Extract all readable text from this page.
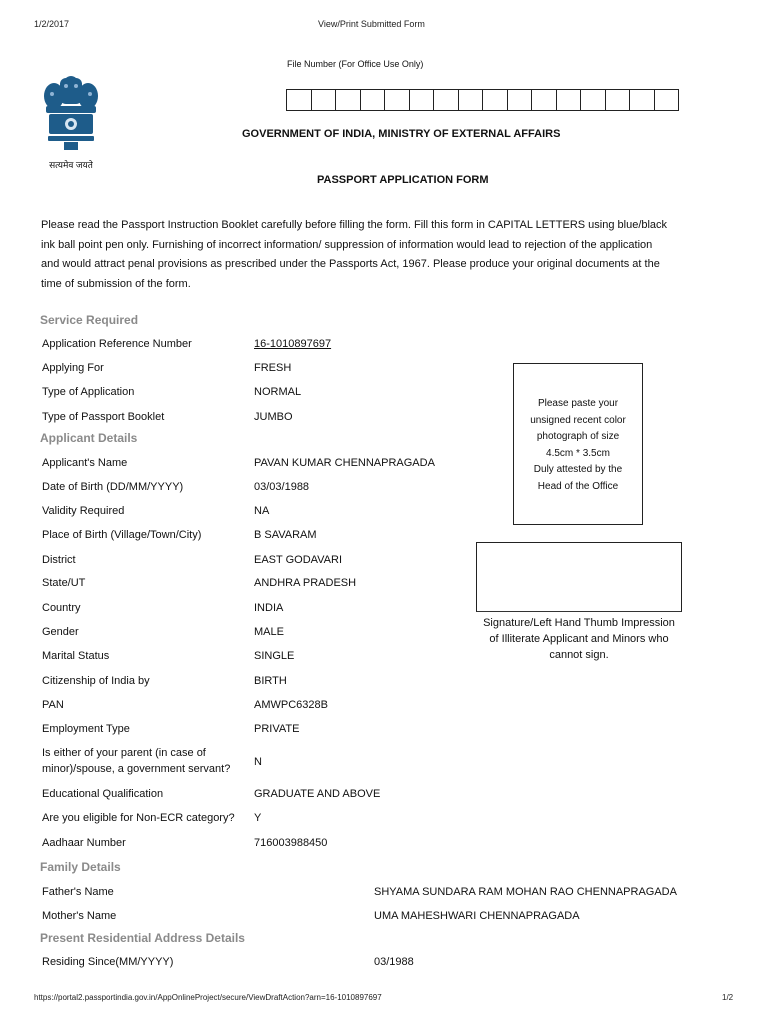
1/2/2017	View/Print Submitted Form
सत्यमेव जयते
File Number (For Office Use Only)
GOVERNMENT OF INDIA, MINISTRY OF EXTERNAL AFFAIRS
PASSPORT APPLICATION FORM
Please read the Passport Instruction Booklet carefully before filling the form. Fill this form in CAPITAL LETTERS using blue/black ink ball point pen only. Furnishing of incorrect information/ suppression of information would lead to rejection of the application and would attract penal provisions as prescribed under the Passports Act, 1967. Please produce your original documents at the time of submission of the form.
Service Required
Application Reference Number	16-1010897697
Applying For	FRESH
Type of Application	NORMAL
Type of Passport Booklet	JUMBO
Applicant Details
Applicant's Name	PAVAN KUMAR CHENNAPRAGADA
Date of Birth (DD/MM/YYYY)	03/03/1988
Validity Required	NA
Place of Birth (Village/Town/City)	B SAVARAM
District	EAST GODAVARI
State/UT	ANDHRA PRADESH
Country	INDIA
Gender	MALE
Marital Status	SINGLE
Citizenship of India by	BIRTH
PAN	AMWPC6328B
Employment Type	PRIVATE
Is either of your parent (in case of
minor)/spouse, a government servant?
N
Educational Qualification	GRADUATE AND ABOVE
Are you eligible for Non-ECR category? Y
Aadhaar Number	716003988450
Family Details
Father's Name	SHYAMA SUNDARA RAM MOHAN RAO CHENNAPRAGADA
Mother's Name	UMA MAHESHWARI CHENNAPRAGADA
Present Residential Address Details
Residing Since(MM/YYYY)	03/1988
Please paste your
unsigned recent color
photograph of size
4.5cm * 3.5cm
Duly attested by the
Head of the Office
Signature/Left Hand Thumb Impression
of Illiterate Applicant and Minors who
cannot sign.
https://portal2.passportindia.gov.in/AppOnlineProject/secure/ViewDraftAction?arn=16-1010897697	1/2
